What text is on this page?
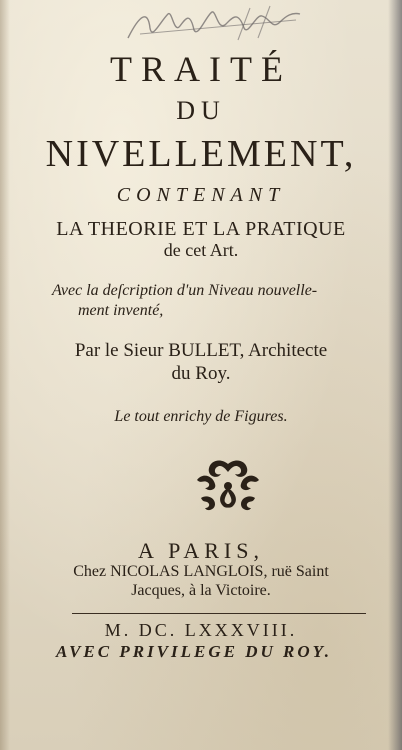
TRAITÉ
DU
NIVELLEMENT,
CONTENANT
LA THEORIE ET LA PRATIQUE
de cet Art.
Avec la deſcription d'un Niveau nouvelle-
ment inventé,
Par le Sieur BULLET, Architecte
du Roy.
Le tout enrichy de Figures.
A PARIS,
Chez NICOLAS LANGLOIS, ruë Saint
Jacques, à la Victoire.
M. DC. LXXXVIII.
AVEC PRIVILEGE DU ROY.
